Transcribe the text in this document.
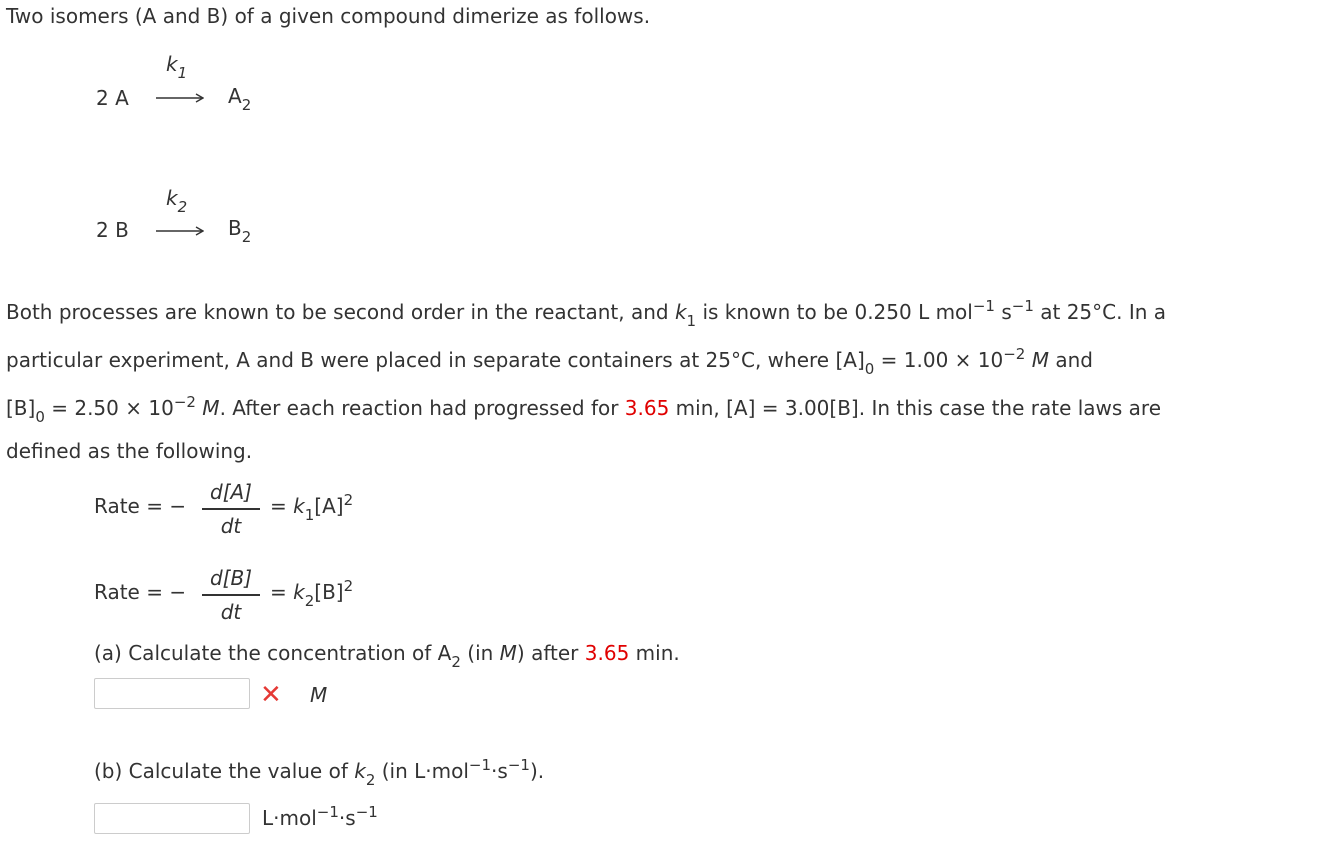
Two isomers (A and B) of a given compound dimerize as follows.
$k_1$
2 $A \to A_2$
$k_2$
2 $B \to B_2$
Both processes are known to be second order in the reactant, and $k_1$ is known to be 0.250 L mol$^{-1}$ $s^{-1}$ at 25°C. In a
particular experiment, A and B were placed in separate containers at 25°C, where $[A]_0 = 1.00 \times 10^{-2}$ M and
$[B]_0 = 2.50 \times 10^{-2}$ M. After each reaction had progressed for 3.65 min, [A] = 3.00[B]. In this case the rate laws are
defined as the following.
Rate = −
d[A]
dt
= $k_1[A]^2$
Rate = −
d[B]
dt
= $k_2[B]^2$
(a) Calculate the concentration of $A_2$ (in M) after 3.65 min.
✕ M
(b) Calculate the value of $k_2$ (in $L\cdot mol^{-1}\cdot s^{-1}$).
$L\cdot mol^{-1}\cdot s^{-1}$
